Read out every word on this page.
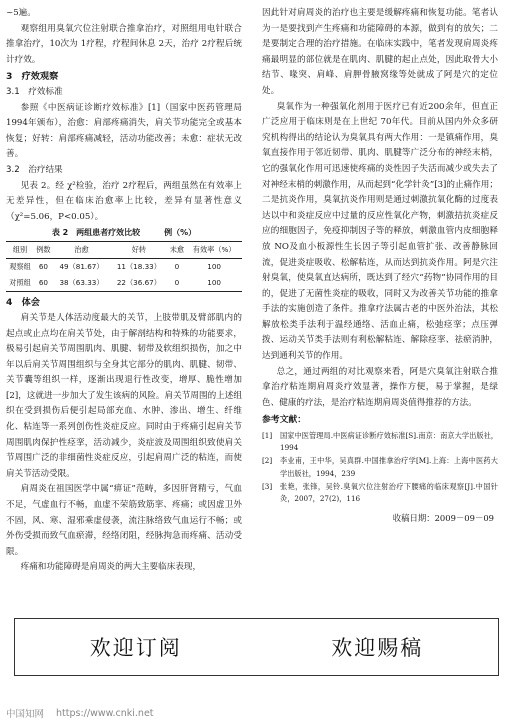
~5遍。

观察组用臭氧穴位注射联合推拿治疗，对照组用电针联合推拿治疗，10次为 1疗程，疗程间休息 2天，治疗 2疗程后统计疗效。

3　疗效观察

3.1　疗效标准

参照《中医病证诊断疗效标准》[1]（国家中医药管理局 1994年颁布），治愈：肩部疼痛消失，肩关节功能完全或基本恢复；好转：肩部疼痛减轻，活动功能改善；未愈：症状无改善。

3.2　治疗结果

见表 2。经 χ²检验，治疗 2疗程后，两组虽然在有效率上无差异性，但在临床治愈率上比较，差异有显著性意义（χ²=5.06，P<0.05）。

表 2　两组患者疗效比较　　　例（%）
组别	例数	治愈	好转	未愈	有效率（%）
观察组	60	49（81.67）	11（18.33）	0	100
对照组	60	38（63.33）	22（36.67）	0	100

4　体会

肩关节是人体活动度最大的关节，上肢带肌及臂部肌内的起点或止点均在肩关节处，由于解剖结构和特殊的功能要求，极易引起肩关节周围肌肉、肌腱、韧带及软组织损伤，加之中年以后肩关节周围组织与全身其它部分的肌肉、肌腱、韧带、关节囊等组织一样，逐渐出现退行性改变，增厚、脆性增加[2]，这就进一步加大了发生该病的风险。肩关节周围的上述组织在受到损伤后便引起局部充血、水肿、渗出、增生、纤维化、粘连等一系列创伤性炎症反应。同时由于疼痛引起肩关节周围肌肉保护性痉挛，活动减少，炎症波及周围组织致使肩关节周围广泛的非细菌性炎症反应，引起肩周广泛的粘连，而使肩关节活动受限。

肩周炎在祖国医学中属“痹证”范畴，多因肝肾精亏，气血不足，气虚血行不畅，血虚不荣筋致筋挛、疼痛；或因虚卫外不固，风、寒、湿邪乘虚侵袭，流注脉络致气血运行不畅；或外伤受损而致气血瘀滞，经络闭阻，经脉拘急而疼痛、活动受限。

疼痛和功能障碍是肩周炎的两大主要临床表现，

因此针对肩周炎的治疗也主要是缓解疼痛和恢复功能。笔者认为一是要找到产生疼痛和功能障碍的本源，做到有的放矢；二是要制定合理的治疗措施。在临床实践中，笔者发现肩周炎疼痛最明显的部位就是在肌肉、肌腱的起止点处，因此取骨大小结节、喙突、肩峰、肩胛骨腋窝缘等处就成了阿是穴的定位处。

臭氧作为一种强氧化剂用于医疗已有近200余年，但直正广泛应用于临床则是在上世纪 70年代。目前从国内外众多研究机构得出的结论认为臭氧具有两大作用：一是镇痛作用，臭氧直接作用于邻近韧带、肌肉、肌腱等广泛分布的神经末梢，它的强氧化作用可迅速使疼痛的炎性因子失活而减少或失去了对神经末梢的刺激作用，从而起到“化学针灸”[3]的止痛作用；二是抗炎作用，臭氧抗炎作用则是通过刺激抗氧化酶的过度表达以中和炎症反应中过量的反应性氧化产物，刺激拮抗炎症反应的细胞因子，免疫抑制因子等的释放，刺激血管内皮细胞释放 NO及血小板源性生长因子等引起血管扩张、改善静脉回流，促进炎症吸收、松解粘连，从而达到抗炎作用。阿是穴注射臭氧，使臭氧直达病所，既达到了经穴“药物”协同作用的目的，促进了无菌性炎症的吸收，同时又为改善关节功能的推拿手法的实施创造了条件。推拿疗法属古老的中医外治法，其松解放松类手法利于温经通络、活血止痛，松弛痉挛；点压弹拨、运动关节类手法则有利松解粘连、解除痉挛、祛瘀消肿，达到通利关节的作用。

总之，通过两组的对比观察来看，阿是穴臭氧注射联合推拿治疗粘连期肩周炎疗效显著，操作方便，易于掌握，是绿色、健康的疗法，是治疗粘连期肩周炎值得推荐的方法。

参考文献：

[1]	国家中医管理局.中医病证诊断疗效标准[S].南京：南京大学出版社，1994
[2]	李业甫，王中华，吴真群.中国推拿治疗学[M].上海：上海中医药大学出版社，1994，239
[3]	张艳，张锋，吴铃.臭氧穴位注射治疗下腰痛的临床观察[J].中国针灸，2007，27(2)，116

收稿日期：2009－09－09

欢迎订阅	欢迎赐稿
中国知网 https://www.cnki.net
